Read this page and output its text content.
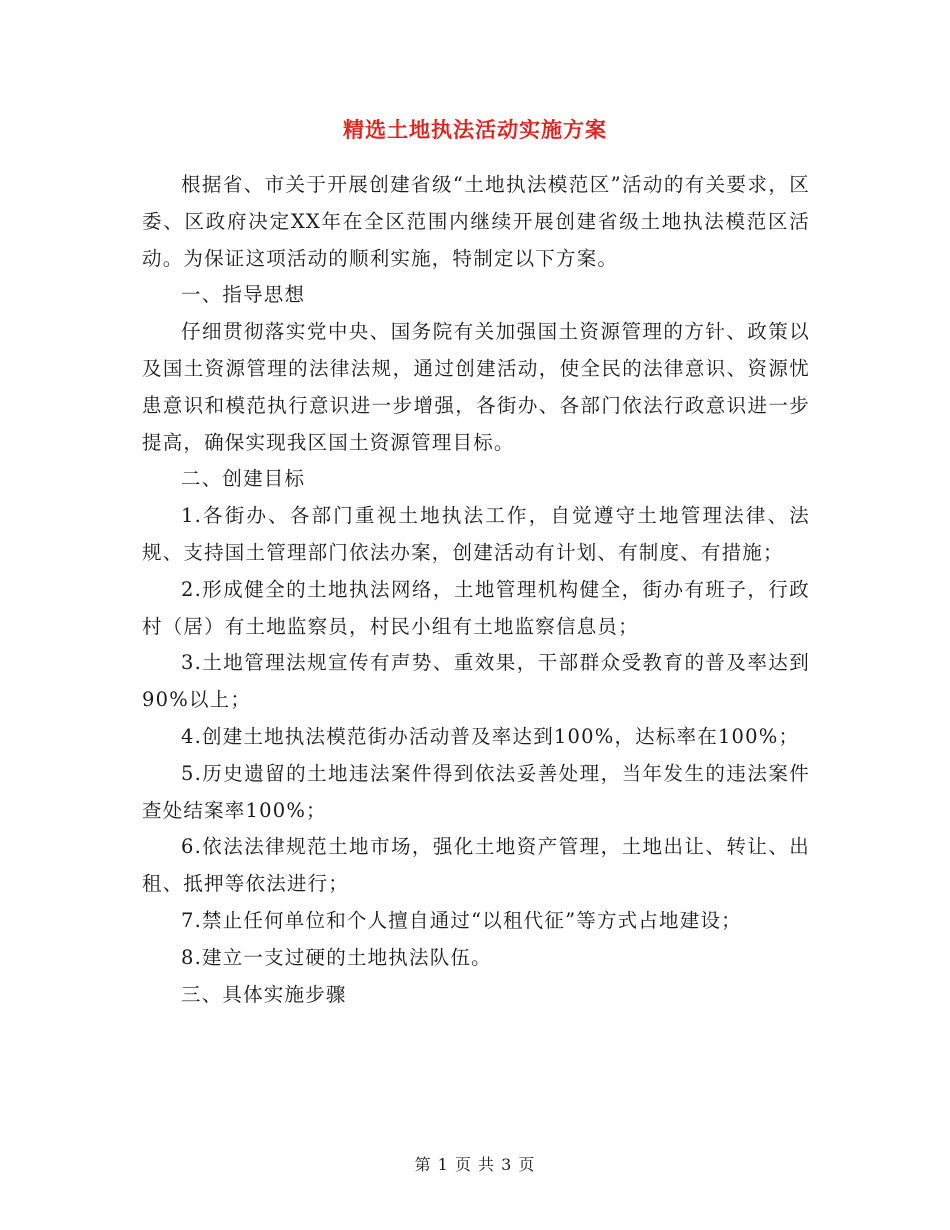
精选土地执法活动实施方案

根据省、市关于开展创建省级“土地执法模范区”活动的有关要求，区委、区政府决定XX年在全区范围内继续开展创建省级土地执法模范区活动。为保证这项活动的顺利实施，特制定以下方案。

一、指导思想

仔细贯彻落实党中央、国务院有关加强国土资源管理的方针、政策以及国土资源管理的法律法规，通过创建活动，使全民的法律意识、资源忧患意识和模范执行意识进一步增强，各街办、各部门依法行政意识进一步提高，确保实现我区国土资源管理目标。

二、创建目标

1.各街办、各部门重视土地执法工作，自觉遵守土地管理法律、法规、支持国土管理部门依法办案，创建活动有计划、有制度、有措施；

2.形成健全的土地执法网络，土地管理机构健全，街办有班子，行政村（居）有土地监察员，村民小组有土地监察信息员；

3.土地管理法规宣传有声势、重效果，干部群众受教育的普及率达到90%以上；

4.创建土地执法模范街办活动普及率达到100%，达标率在100%；

5.历史遗留的土地违法案件得到依法妥善处理，当年发生的违法案件查处结案率100%；

6.依法法律规范土地市场，强化土地资产管理，土地出让、转让、出租、抵押等依法进行；

7.禁止任何单位和个人擅自通过“以租代征”等方式占地建设；

8.建立一支过硬的土地执法队伍。

三、具体实施步骤

第 1 页 共 3 页
